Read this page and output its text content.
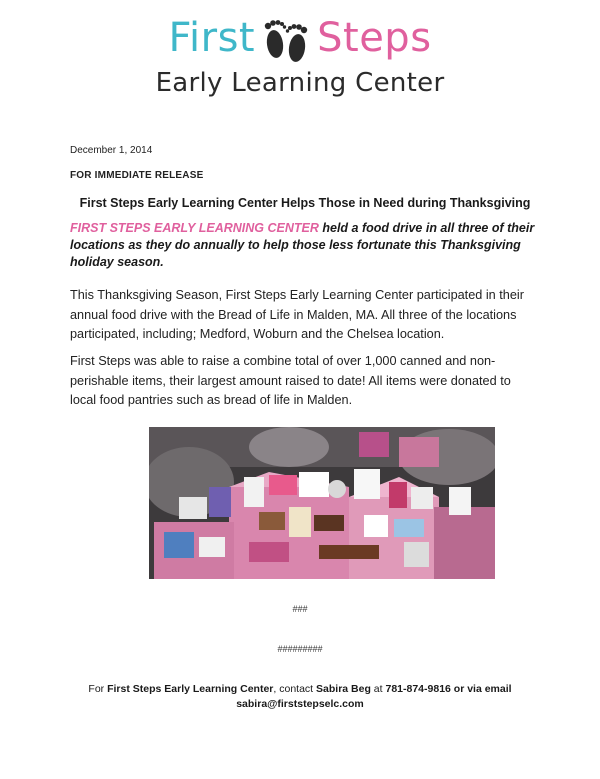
First Steps
Early Learning Center
December 1, 2014
FOR IMMEDIATE RELEASE
First Steps Early Learning Center Helps Those in Need during Thanksgiving
FIRST STEPS EARLY LEARNING CENTER held a food drive in all three of their locations as they do annually to help those less fortunate this Thanksgiving holiday season.
This Thanksgiving Season, First Steps Early Learning Center participated in their annual food drive with the Bread of Life in Malden, MA. All three of the locations participated, including; Medford, Woburn and the Chelsea location.
First Steps was able to raise a combine total of over 1,000 canned and non-perishable items, their largest amount raised to date! All items were donated to local food pantries such as bread of life in Malden.
###
#########
For First Steps Early Learning Center, contact Sabira Beg at 781-874-9816 or via email
sabira@firststepselc.com
